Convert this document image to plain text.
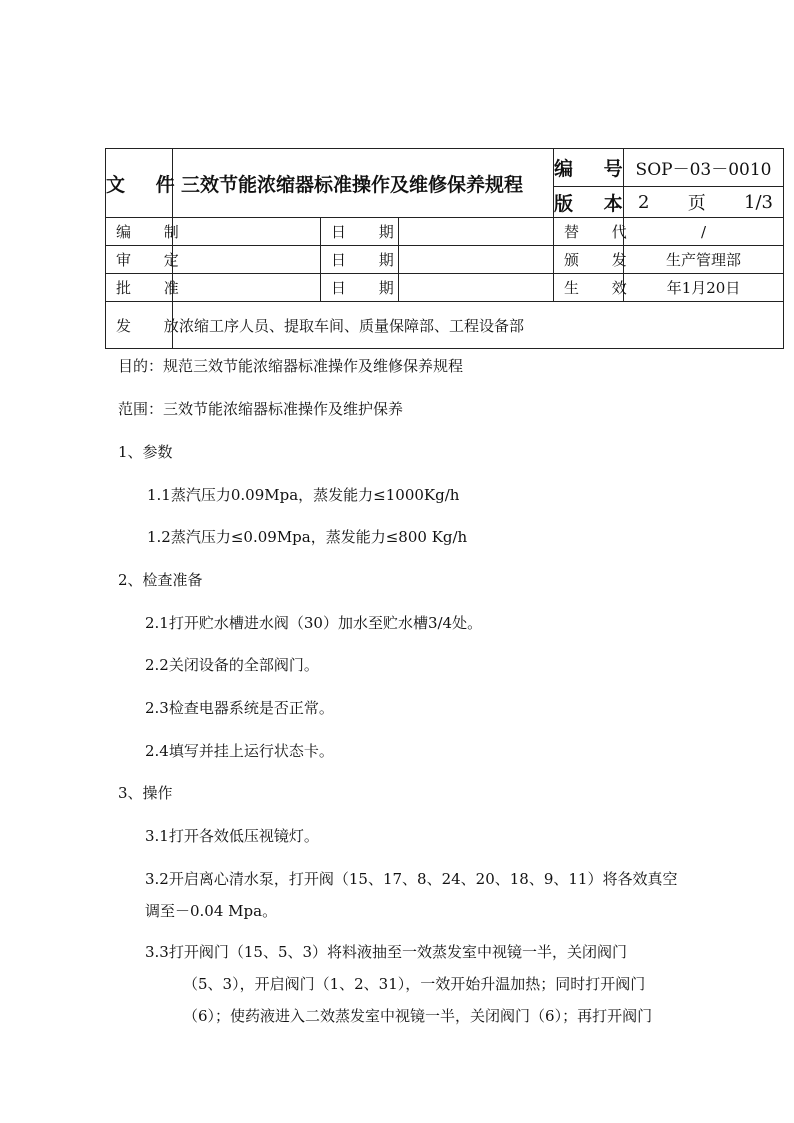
文 件	三效节能浓缩器标准操作及维修保养规程			编 号	SOP－03－0010
				版 本	2 页 1/3

编 制		日 期		替 代	/
审 定		日 期		颁 发	生产管理部
批 准		日 期		生 效	年1月20日
发 放	浓缩工序人员、提取车间、质量保障部、工程设备部				
目的：规范三效节能浓缩器标准操作及维修保养规程
范围：三效节能浓缩器标准操作及维护保养
1、参数
1.1蒸汽压力0.09Mpa，蒸发能力≤1000Kg/h
1.2蒸汽压力≤0.09Mpa，蒸发能力≤800 Kg/h
2、检查准备
2.1打开贮水槽进水阀（30）加水至贮水槽3/4处。
2.2关闭设备的全部阀门。
2.3检查电器系统是否正常。
2.4填写并挂上运行状态卡。
3、操作
3.1打开各效低压视镜灯。
3.2开启离心清水泵，打开阀（15、17、8、24、20、18、9、11）将各效真空
调至－0.04 Mpa。
3.3打开阀门（15、5、3）将料液抽至一效蒸发室中视镜一半，关闭阀门
（5、3），开启阀门（1、2、31），一效开始升温加热；同时打开阀门
（6）；使药液进入二效蒸发室中视镜一半，关闭阀门（6）；再打开阀门
